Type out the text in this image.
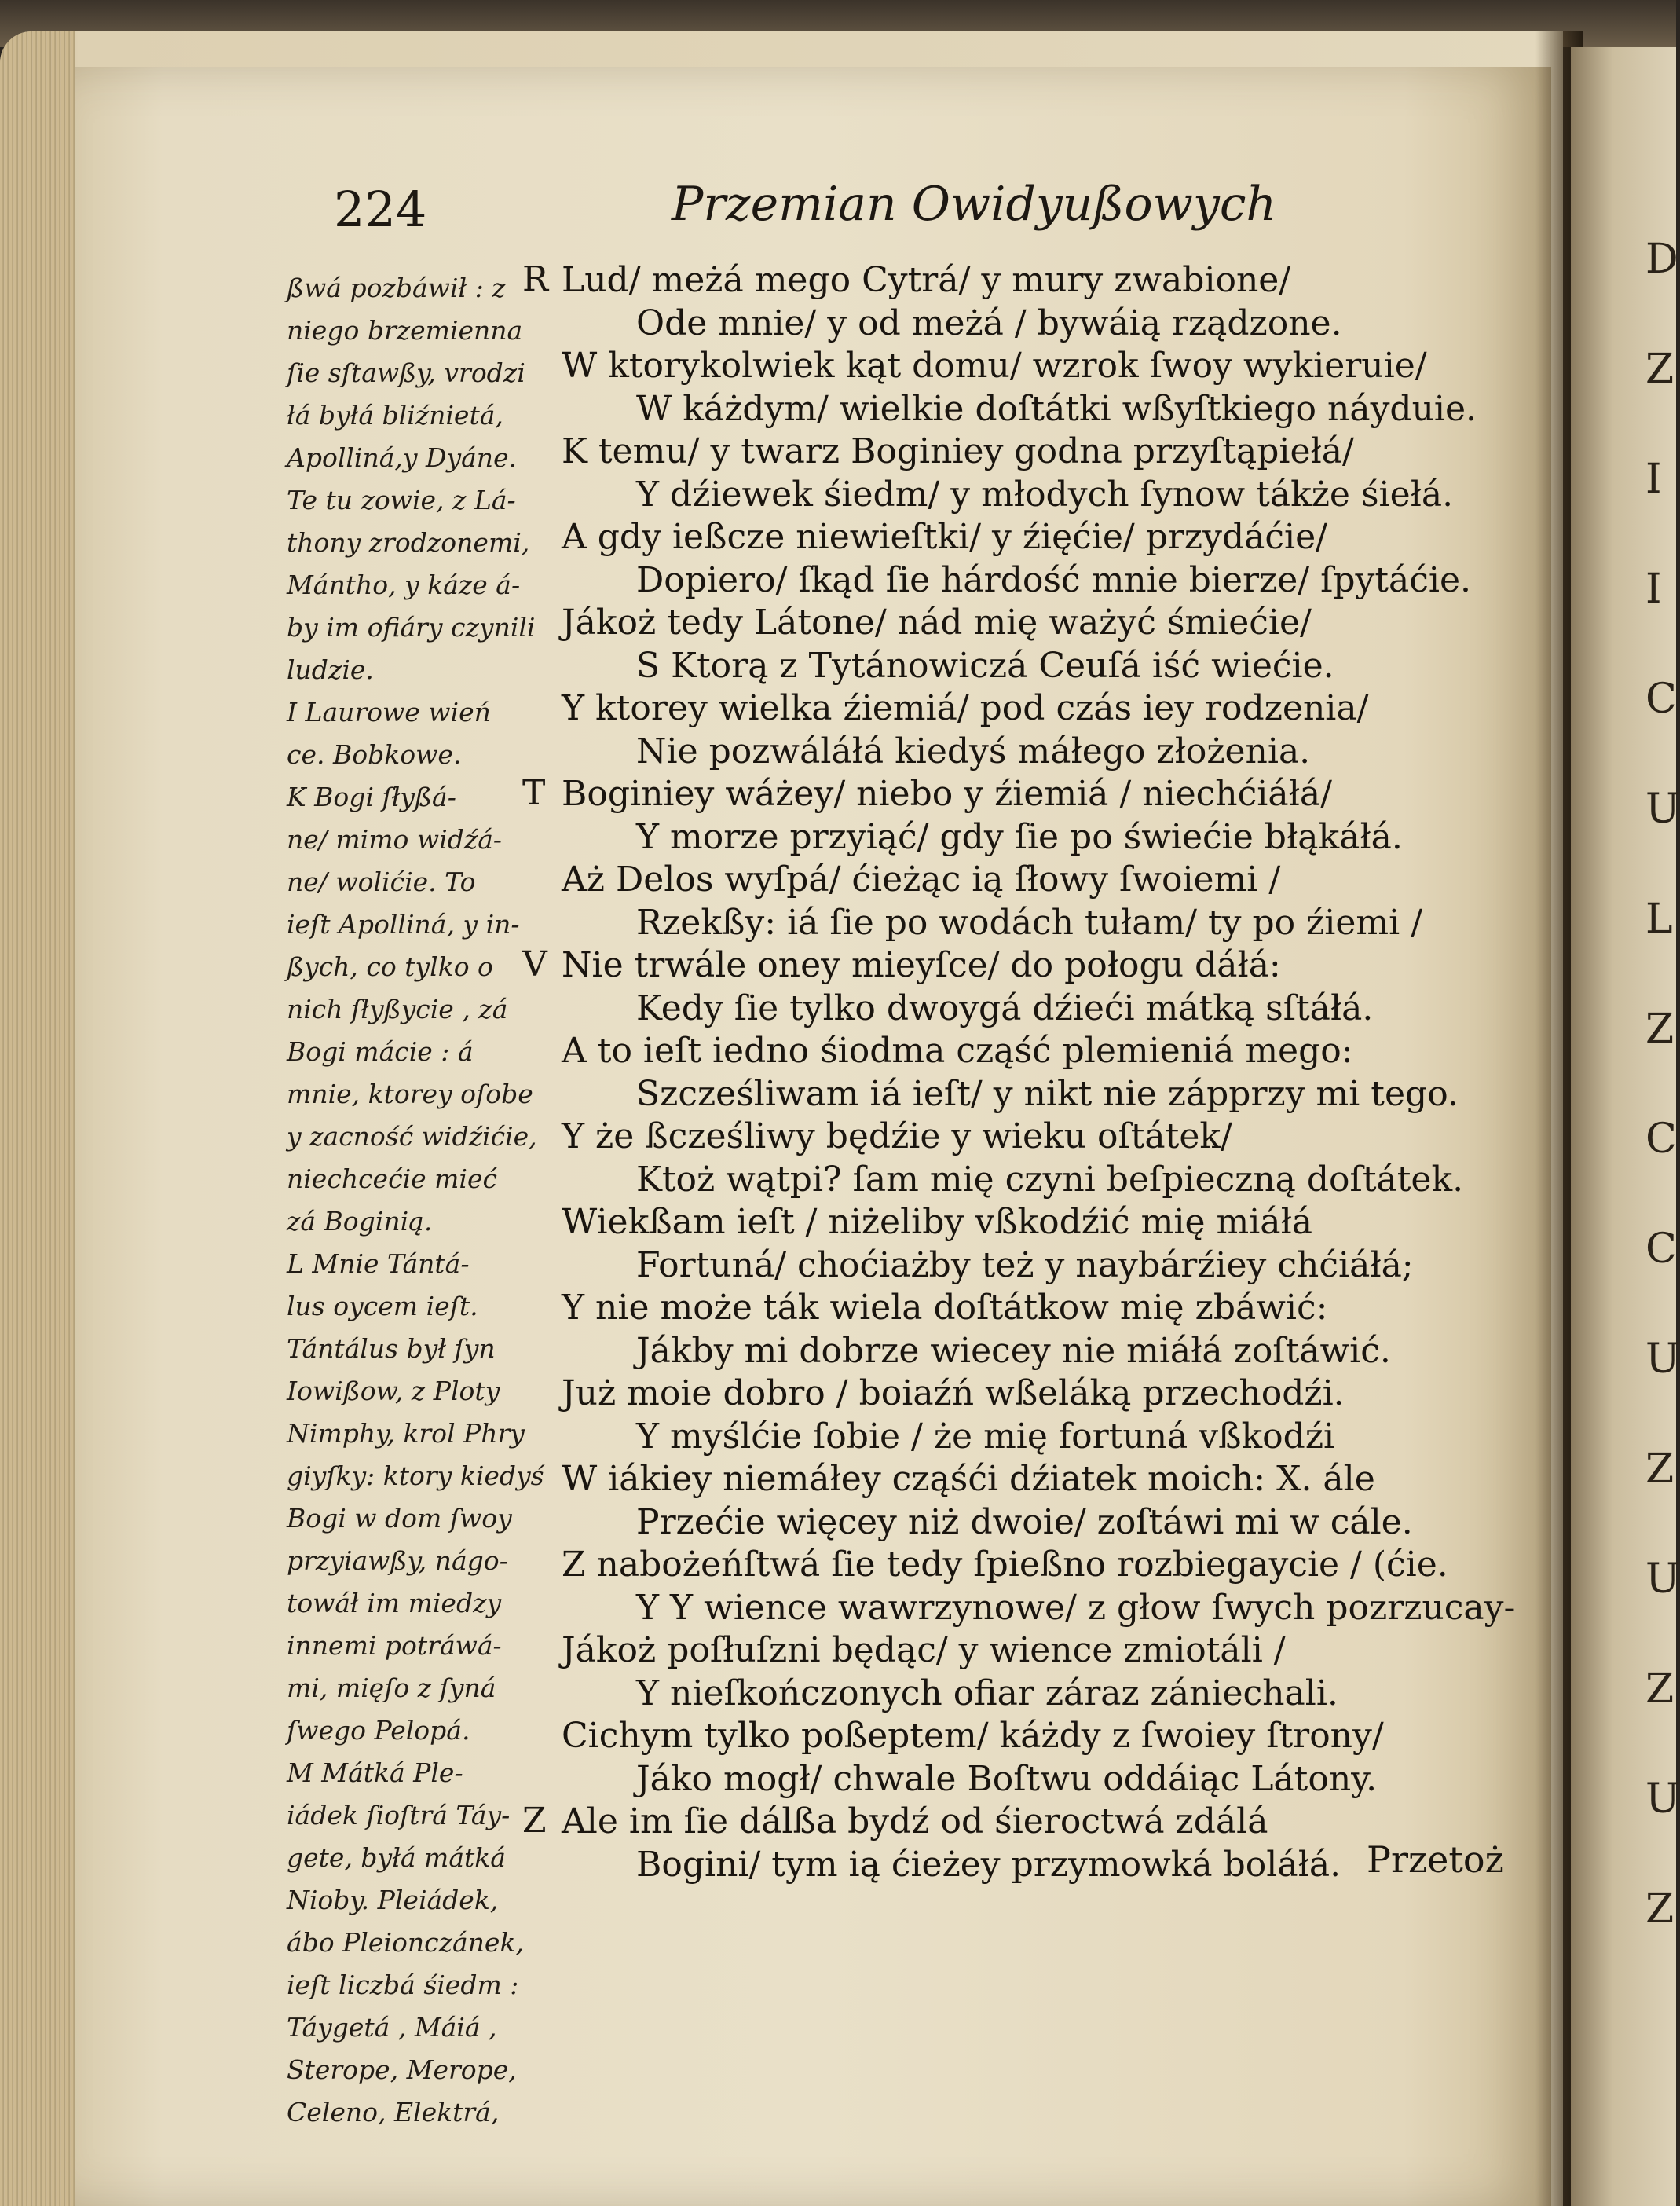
224	Przemian Owidyußowych
ßwá pozbáwił : z
niego brzemienna
ſie sſtawßy, vrodzi
łá byłá bliźnietá,
Apolliná,y Dyáne.
Te tu zowie, z Lá-
thony zrodzonemi,
Mántho, y káze á-
by im ofiáry czynili
ludzie.
I Laurowe wień
ce. Bobkowe.
K Bogi ſłyßá-
ne/ mimo widźá-
ne/ wolićie. To
ieſt Apolliná, y in-
ßych, co tylko o
nich ſłyßycie , zá
Bogi mácie : á
mnie, ktorey oſobe
y zacność widźićie,
niechcećie mieć
zá Boginią.
L Mnie Tántá-
lus oycem ieſt.
Tántálus był ſyn
Iowißow, z Ploty
Nimphy, krol Phry
giyſky: ktory kiedyś
Bogi w dom ſwoy
przyiawßy, nágo-
towáł im miedzy
innemi potráwá-
mi, mięſo z ſyná
ſwego Pelopá.
M Mátká Ple-
iádek ſioſtrá Táy-
gete, byłá mátká
Nioby. Pleiádek,
ábo Pleionczánek,
ieſt liczbá śiedm :
Táygetá , Máiá ,
Sterope, Merope,
Celeno, Elektrá,
R
T
V
Z
Lud/ meżá mego Cytrá/ y mury zwabione/
Ode mnie/ y od meżá / bywáią rządzone.
W ktorykolwiek kąt domu/ wzrok ſwoy wykieruie/
W káżdym/ wielkie doſtátki wßyſtkiego náyduie.
K temu/ y twarz Boginiey godna przyſtąpiełá/
Y dźiewek śiedm/ y młodych ſynow tákże śiełá.
A gdy ießcze niewieſtki/ y źięćie/ przydáćie/
Dopiero/ ſkąd ſie hárdość mnie bierze/ ſpytáćie.
Jákoż tedy Látone/ nád mię ważyć śmiećie/
S Ktorą z Tytánowiczá Ceuſá iść wiećie.
Y ktorey wielka źiemiá/ pod czás iey rodzenia/
Nie pozwáláłá kiedyś máłego złożenia.
Boginiey wáżey/ niebo y źiemiá / niechćiáłá/
Y morze przyiąć/ gdy ſie po świećie błąkáłá.
Aż Delos wyſpá/ ćieżąc ią ſłowy ſwoiemi /
Rzekßy: iá ſie po wodách tułam/ ty po źiemi /
Nie trwále oney mieyſce/ do połogu dáłá:
Kedy ſie tylko dwoygá dźieći mátką sſtáłá.
A to ieſt iedno śiodma cząść plemieniá mego:
Szcześliwam iá ieſt/ y nikt nie zápprzy mi tego.
Y że ßcześliwy będźie y wieku oſtátek/
Ktoż wątpi? ſam mię czyni beſpieczną doſtátek.
Wiekßam ieſt / niżeliby vßkodźić mię miáłá
Fortuná/ choćiażby też y naybárźiey chćiáłá;
Y nie może ták wiela doſtátkow mię zbáwić:
Jákby mi dobrze wiecey nie miáłá zoſtáwić.
Już moie dobro / boiaźń wßeláką przechodźi.
Y myślćie ſobie / że mię fortuná vßkodźi
W iákiey niemáłey cząśći dźiatek moich: X. ále
Przećie więcey niż dwoie/ zoſtáwi mi w cále.
Z nabożeńſtwá ſie tedy ſpießno rozbiegaycie / (ćie.
Y Y wience wawrzynowe/ z głow ſwych pozrzucay-
Jákoż poſłuſzni będąc/ y wience zmiotáli /
Y nieſkończonych ofiar záraz zániechali.
Cichym tylko poßeptem/ káżdy z ſwoiey ſtrony/
Jáko mogł/ chwale Boſtwu oddáiąc Látony.
Ale im ſie dálßa bydź od śieroctwá zdálá
Bogini/ tym ią ćieżey przymowká boláłá. Przetoż
D
Z
I
I
C
U
L
Z
C
C
U
Z
U
Z
U
Z
